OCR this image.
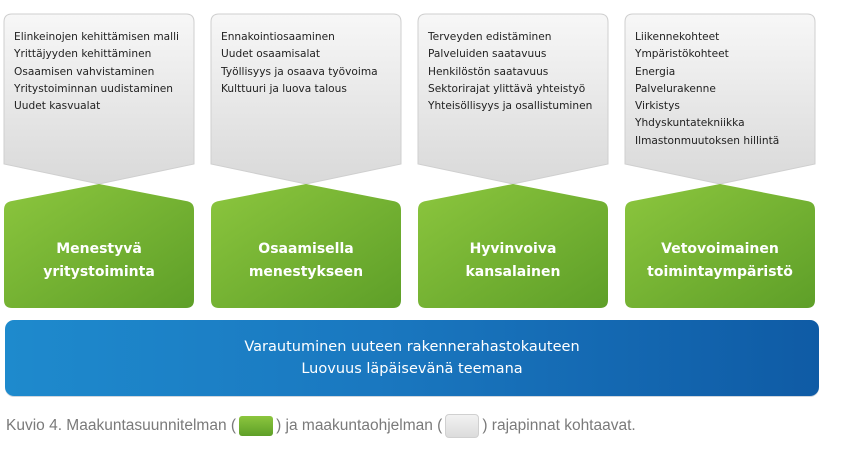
Elinkeinojen kehittämisen malli
Yrittäjyyden kehittäminen
Osaamisen vahvistaminen
Yritystoiminnan uudistaminen
Uudet kasvualat
Menestyvä
yritystoiminta
Ennakointiosaaminen
Uudet osaamisalat
Työllisyys ja osaava työvoima
Kulttuuri ja luova talous
Osaamisella
menestykseen
Terveyden edistäminen
Palveluiden saatavuus
Henkilöstön saatavuus
Sektorirajat ylittävä yhteistyö
Yhteisöllisyys ja osallistuminen
Hyvinvoiva
kansalainen
Liikennekohteet
Ympäristökohteet
Energia
Palvelurakenne
Virkistys
Yhdyskuntatekniikka
Ilmastonmuutoksen hillintä
Vetovoimainen
toimintaympäristö
Varautuminen uuteen rakennerahastokauteen
Luovuus läpäisevänä teemana
Kuvio 4. Maakuntasuunnitelman (	) ja maakuntaohjelman (	) rajapinnat kohtaavat.
